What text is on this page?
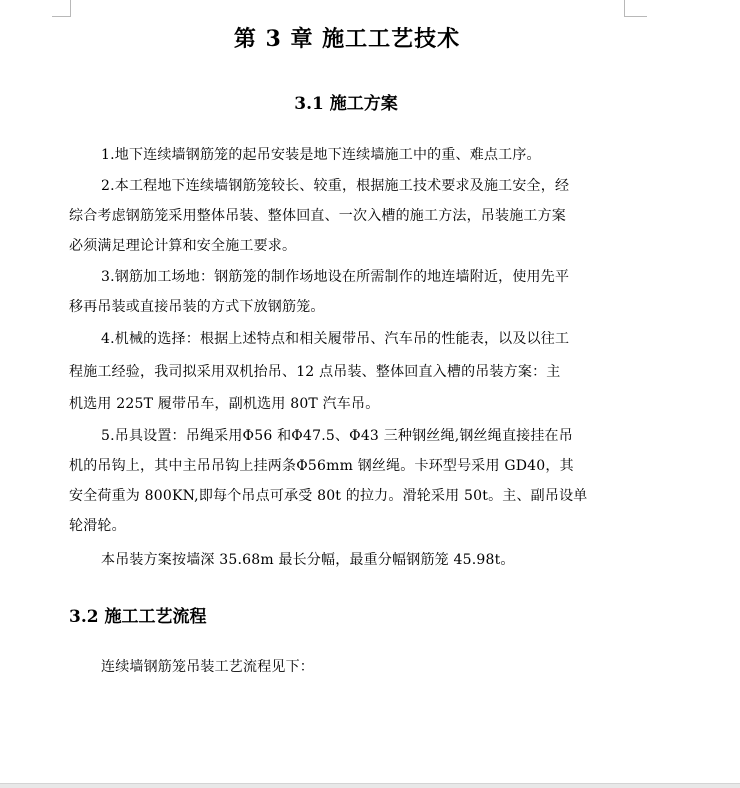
第 3 章 施工工艺技术
3.1 施工方案
1.地下连续墙钢筋笼的起吊安装是地下连续墙施工中的重、难点工序。
2.本工程地下连续墙钢筋笼较长、较重，根据施工技术要求及施工安全，经
综合考虑钢筋笼采用整体吊装、整体回直、一次入槽的施工方法，吊装施工方案
必须满足理论计算和安全施工要求。
3.钢筋加工场地：钢筋笼的制作场地设在所需制作的地连墙附近，使用先平
移再吊装或直接吊装的方式下放钢筋笼。
4.机械的选择：根据上述特点和相关履带吊、汽车吊的性能表，以及以往工
程施工经验，我司拟采用双机抬吊、12 点吊装、整体回直入槽的吊装方案：主
机选用 225T 履带吊车，副机选用 80T 汽车吊。
5.吊具设置：吊绳采用Φ56 和Φ47.5、Φ43 三种钢丝绳,钢丝绳直接挂在吊
机的吊钩上，其中主吊吊钩上挂两条Φ56mm 钢丝绳。卡环型号采用 GD40，其
安全荷重为 800KN,即每个吊点可承受 80t 的拉力。滑轮采用 50t。主、副吊设单
轮滑轮。
本吊装方案按墙深 35.68m 最长分幅，最重分幅钢筋笼 45.98t。
3.2 施工工艺流程
连续墙钢筋笼吊装工艺流程见下：
